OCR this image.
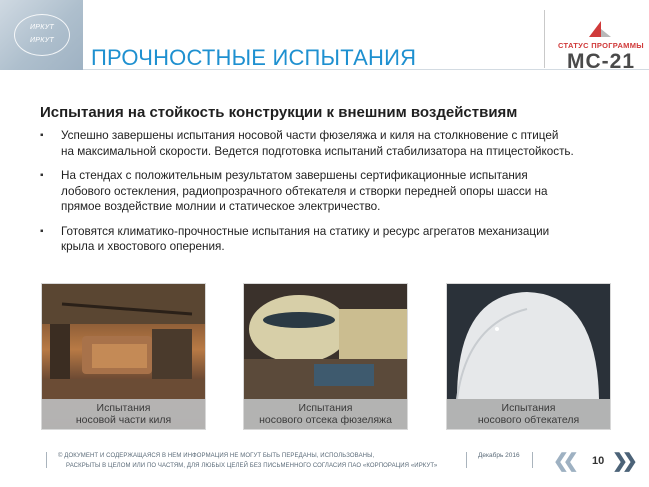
ИРКУТ
ИРКУТ
ПРОЧНОСТНЫЕ ИСПЫТАНИЯ	СТАТУС ПРОГРАММЫ
МС-21
Испытания на стойкость конструкции к внешним воздействиям
▪ Успешно завершены испытания носовой части фюзеляжа и киля на столкновение с птицей
на максимальной скорости. Ведется подготовка испытаний стабилизатора на птицестойкость.
▪ На стендах с положительным результатом завершены сертификационные испытания
лобового остекления, радиопрозрачного обтекателя и створки передней опоры шасси на
прямое воздействие молнии и статическое электричество.
▪ Готовятся климатико-прочностные испытания на статику и ресурс агрегатов механизации
крыла и хвостового оперения.
Испытания
носовой части киля
Испытания
носового отсека фюзеляжа
Испытания
носового обтекателя
© ДОКУМЕНТ И СОДЕРЖАЩАЯСЯ В НЕМ ИНФОРМАЦИЯ НЕ МОГУТ БЫТЬ ПЕРЕДАНЫ, ИСПОЛЬЗОВАНЫ,
РАСКРЫТЫ В ЦЕЛОМ ИЛИ ПО ЧАСТЯМ, ДЛЯ ЛЮБЫХ ЦЕЛЕЙ БЕЗ ПИСЬМЕННОГО СОГЛАСИЯ ПАО «КОРПОРАЦИЯ «ИРКУТ»
Декабрь 2016 ❮❮ 10 ❯❯
